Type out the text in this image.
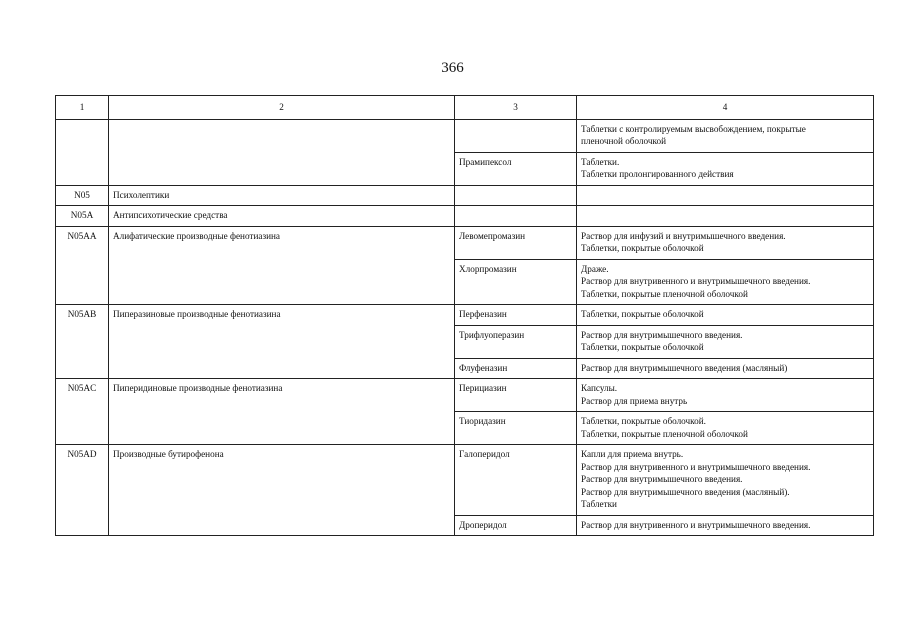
366
1	2	3	4
			Таблетки с контролируемым высвобождением, покрытые
пленочной оболочкой
		Прамипексол	Таблетки.
Таблетки пролонгированного действия
N05	Психолептики		
N05A	Антипсихотические средства		
N05AA	Алифатические производные фенотиазина	Левомепромазин	Раствор для инфузий и внутримышечного введения.
Таблетки, покрытые оболочкой
		Хлорпромазин	Драже.
Раствор для внутривенного и внутримышечного введения.
Таблетки, покрытые пленочной оболочкой
N05AB	Пиперазиновые производные фенотиазина	Перфеназин	Таблетки, покрытые оболочкой
		Трифлуоперазин	Раствор для внутримышечного введения.
Таблетки, покрытые оболочкой
		Флуфеназин	Раствор для внутримышечного введения (масляный)
N05AC	Пиперидиновые производные фенотиазина	Перициазин	Капсулы.
Раствор для приема внутрь
		Тиоридазин	Таблетки, покрытые оболочкой.
Таблетки, покрытые пленочной оболочкой
N05AD	Производные бутирофенона	Галоперидол	Капли для приема внутрь.
Раствор для внутривенного и внутримышечного введения.
Раствор для внутримышечного введения.
Раствор для внутримышечного введения (масляный).
Таблетки
		Дроперидол	Раствор для внутривенного и внутримышечного введения.
